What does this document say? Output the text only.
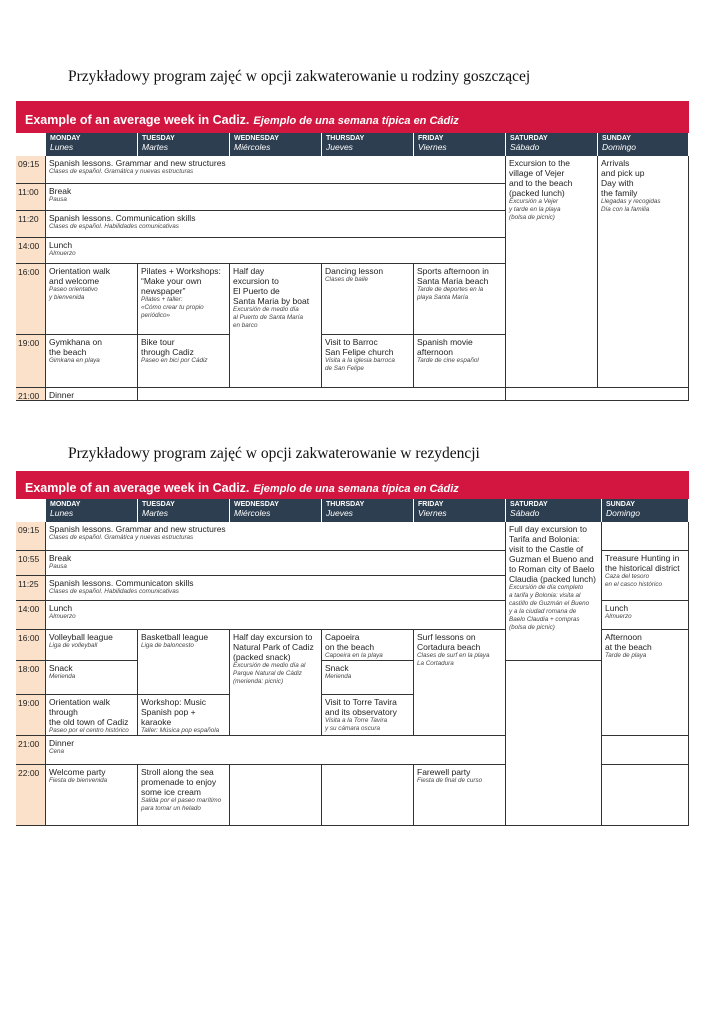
Przykładowy program zajęć w opcji zakwaterowanie u rodziny goszczącej
Example of an average week in Cadiz. Ejemplo de una semana típica en Cádiz
MONDAY
Lunes
TUESDAY
Martes
WEDNESDAY
Miércoles
THURSDAY
Jueves
FRIDAY
Viernes
SATURDAY
Sábado
SUNDAY
Domingo
09:15
11:00
11:20
14:00
16:00
19:00
21:00
Spanish lessons. Grammar and new structures
Clases de español. Gramática y nuevas estructuras
Break
Pausa
Spanish lessons. Communication skills
Clases de español. Habilidades comunicativas
Lunch
Almuerzo
Orientation walk
and welcome
Paseo orientativo
y bienvenida
Pilates + Workshops:
“Make your own
newspaper”
Pilates + taller:
«Cómo crear tu propio
periódico»
Half day
excursion to
El Puerto de
Santa Maria by boat
Excursión de medio día
al Puerto de Santa María
en barco
Dancing lesson
Clases de baile
Sports afternoon in
Santa Maria beach
Tarde de deportes en la
playa Santa María
Gymkhana on
the beach
Gimkana en playa
Bike tour
through Cadiz
Paseo en bici por Cádiz
Visit to Barroc
San Felipe church
Visita a la iglesia barroca
de San Felipe
Spanish movie
afternoon
Tarde de cine español
Dinner
Excursion to the
village of Vejer
and to the beach
(packed lunch)
Excursión a Vejer
y tarde en la playa
(bolsa de picnic)
Arrivals
and pick up
Day with
the family
Llegadas y recogidas
Día con la familia
Przykładowy program zajęć w opcji zakwaterowanie w rezydencji
Example of an average week in Cadiz. Ejemplo de una semana típica en Cádiz
MONDAY
Lunes
TUESDAY
Martes
WEDNESDAY
Miércoles
THURSDAY
Jueves
FRIDAY
Viernes
SATURDAY
Sábado
SUNDAY
Domingo
09:15
10:55
11:25
14:00
16:00
18:00
19:00
21:00
22:00
Spanish lessons. Grammar and new structures
Clases de español. Gramática y nuevas estructuras
Break
Pausa
Spanish lessons. Communicaton skills
Clases de español. Habilidades comunicativas
Lunch
Almuerzo
Volleyball league
Liga de volleyball
Basketball league
Liga de baloncesto
Half day excursion to
Natural Park of Cadiz
(packed snack)
Excursión de medio día al
Parque Natural de Cádiz
(merienda: picnic)
Capoeira
on the beach
Capoeira en la playa
Surf lessons on
Cortadura beach
Clases de surf en la playa
La Cortadura
Snack
Merienda
Snack
Merienda
Orientation walk through
the old town of Cadiz
Paseo por el centro histórico

Workshop: Music
Spanish pop + karaoke
Taller: Música pop española

Visit to Torre Tavira
and its observatory
Visita a la Torre Tavira
y su cámara oscura
Dinner
Cena
Welcome party
Fiesta de bienvenida
Stroll along the sea
promenade to enjoy
some ice cream
Salida por el paseo marítimo
para tomar un helado
Farewell party
Fiesta de final de curso
Full day excursion to
Tarifa and Bolonia:
visit to the Castle of
Guzman el Bueno and
to Roman city of Baelo
Claudia (packed lunch)
Excursión de día completo
a tarifa y Bolonia: visita al
castillo de Guzmán el Bueno
y a la ciudad romana de
Baelo Claudia + compras
(bolsa de picnic)
Treasure Hunting in
the historical district
Caza del tesoro
en el casco histórico
Lunch
Almuerzo
Afternoon
at the beach
Tarde de playa
